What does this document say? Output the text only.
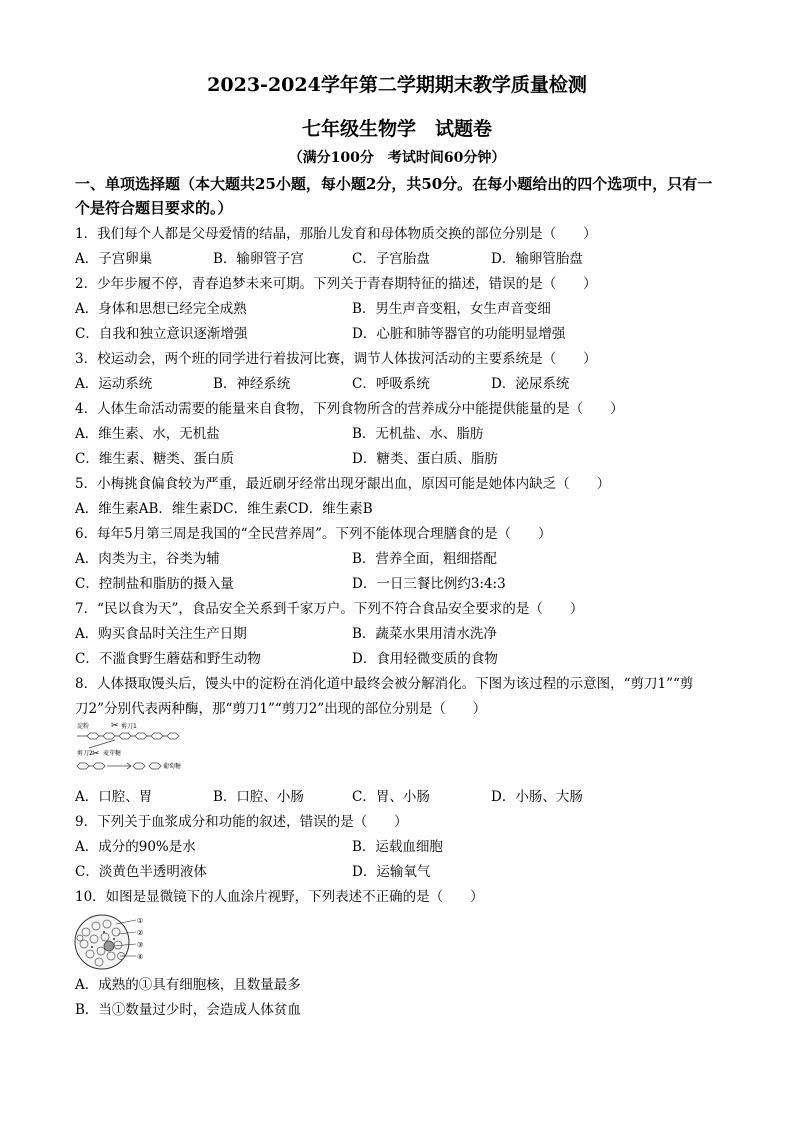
2023-2024学年第二学期期末教学质量检测
七年级生物学　试题卷
（满分100分　考试时间60分钟）
一、单项选择题（本大题共25小题，每小题2分，共50分。在每小题给出的四个选项中，只有一个是符合题目要求的。）
1．我们每个人都是父母爱情的结晶，那胎儿发育和母体物质交换的部位分别是（　　）
A．子宫卵巢	B．输卵管子宫	C．子宫胎盘	D．输卵管胎盘
2．少年步履不停，青春追梦未来可期。下列关于青春期特征的描述，错误的是（　　）
A．身体和思想已经完全成熟	B．男生声音变粗，女生声音变细
C．自我和独立意识逐渐增强	D．心脏和肺等器官的功能明显增强
3．校运动会，两个班的同学进行着拔河比赛，调节人体拔河活动的主要系统是（　　）
A．运动系统	B．神经系统	C．呼吸系统	D．泌尿系统
4．人体生命活动需要的能量来自食物，下列食物所含的营养成分中能提供能量的是（　　）
A．维生素、水，无机盐	B．无机盐、水、脂肪
C．维生素、糖类、蛋白质	D．糖类、蛋白质、脂肪
5．小梅挑食偏食较为严重，最近刷牙经常出现牙龈出血，原因可能是她体内缺乏（　　）
A．维生素AB．维生素DC．维生素CD．维生素B
6．每年5月第三周是我国的“全民营养周”。下列不能体现合理膳食的是（　　）
A．肉类为主，谷类为辅	B．营养全面，粗细搭配
C．控制盐和脂肪的摄入量	D．一日三餐比例约3:4:3
7．“民以食为天”，食品安全关系到千家万户。下列不符合食品安全要求的是（　　）
A．购买食品时关注生产日期	B．蔬菜水果用清水洗净
C．不滥食野生蘑菇和野生动物	D．食用轻微变质的食物
8．人体摄取馒头后，馒头中的淀粉在消化道中最终会被分解消化。下图为该过程的示意图，“剪刀1”“剪
刀2”分别代表两种酶，那“剪刀1”“剪刀2”出现的部位分别是（　　）
淀粉 ✂ 剪刀1
剪刀2 ✂ 麦芽糖
葡萄糖
A．口腔、胃	B．口腔、小肠	C．胃、小肠	D．小肠、大肠
9．下列关于血浆成分和功能的叙述，错误的是（　　）
A．成分的90%是水	B．运载血细胞
C．淡黄色半透明液体	D．运输氧气
10．如图是显微镜下的人血涂片视野，下列表述不正确的是（　　）
①
②
③
④
A．成熟的①具有细胞核，且数量最多
B．当①数量过少时，会造成人体贫血
